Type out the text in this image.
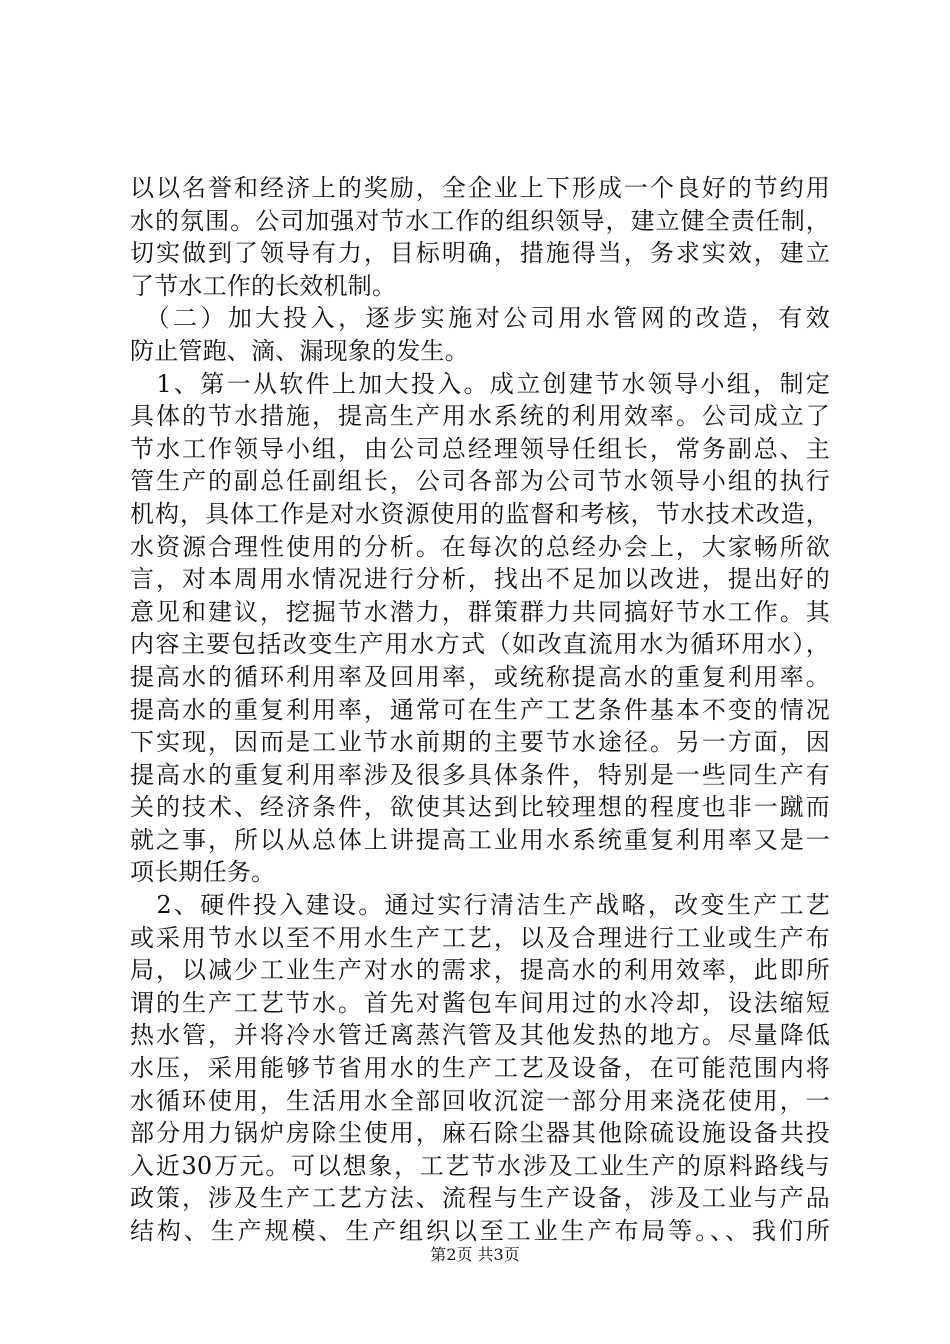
以以名誉和经济上的奖励，全企业上下形成一个良好的节约用
水的氛围。公司加强对节水工作的组织领导，建立健全责任制，
切实做到了领导有力，目标明确，措施得当，务求实效，建立
了节水工作的长效机制。
　（二）加大投入，逐步实施对公司用水管网的改造，有效
防止管跑、滴、漏现象的发生。
　1、第一从软件上加大投入。成立创建节水领导小组，制定
具体的节水措施，提高生产用水系统的利用效率。公司成立了
节水工作领导小组，由公司总经理领导任组长，常务副总、主
管生产的副总任副组长，公司各部为公司节水领导小组的执行
机构，具体工作是对水资源使用的监督和考核，节水技术改造，
水资源合理性使用的分析。在每次的总经办会上，大家畅所欲
言，对本周用水情况进行分析，找出不足加以改进，提出好的
意见和建议，挖掘节水潜力，群策群力共同搞好节水工作。其
内容主要包括改变生产用水方式（如改直流用水为循环用水），
提高水的循环利用率及回用率，或统称提高水的重复利用率。
提高水的重复利用率，通常可在生产工艺条件基本不变的情况
下实现，因而是工业节水前期的主要节水途径。另一方面，因
提高水的重复利用率涉及很多具体条件，特别是一些同生产有
关的技术、经济条件，欲使其达到比较理想的程度也非一蹴而
就之事，所以从总体上讲提高工业用水系统重复利用率又是一
项长期任务。
　2、硬件投入建设。通过实行清洁生产战略，改变生产工艺
或采用节水以至不用水生产工艺，以及合理进行工业或生产布
局，以减少工业生产对水的需求，提高水的利用效率，此即所
谓的生产工艺节水。首先对酱包车间用过的水冷却，设法缩短
热水管，并将冷水管迁离蒸汽管及其他发热的地方。尽量降低
水压，采用能够节省用水的生产工艺及设备，在可能范围内将
水循环使用，生活用水全部回收沉淀一部分用来浇花使用，一
部分用力锅炉房除尘使用，麻石除尘器其他除硫设施设备共投
入近30万元。可以想象，工艺节水涉及工业生产的原料路线与
政策，涉及生产工艺方法、流程与生产设备，涉及工业与产品
结构、生产规模、生产组织以至工业生产布局等。、、我们所
第2页 共3页
